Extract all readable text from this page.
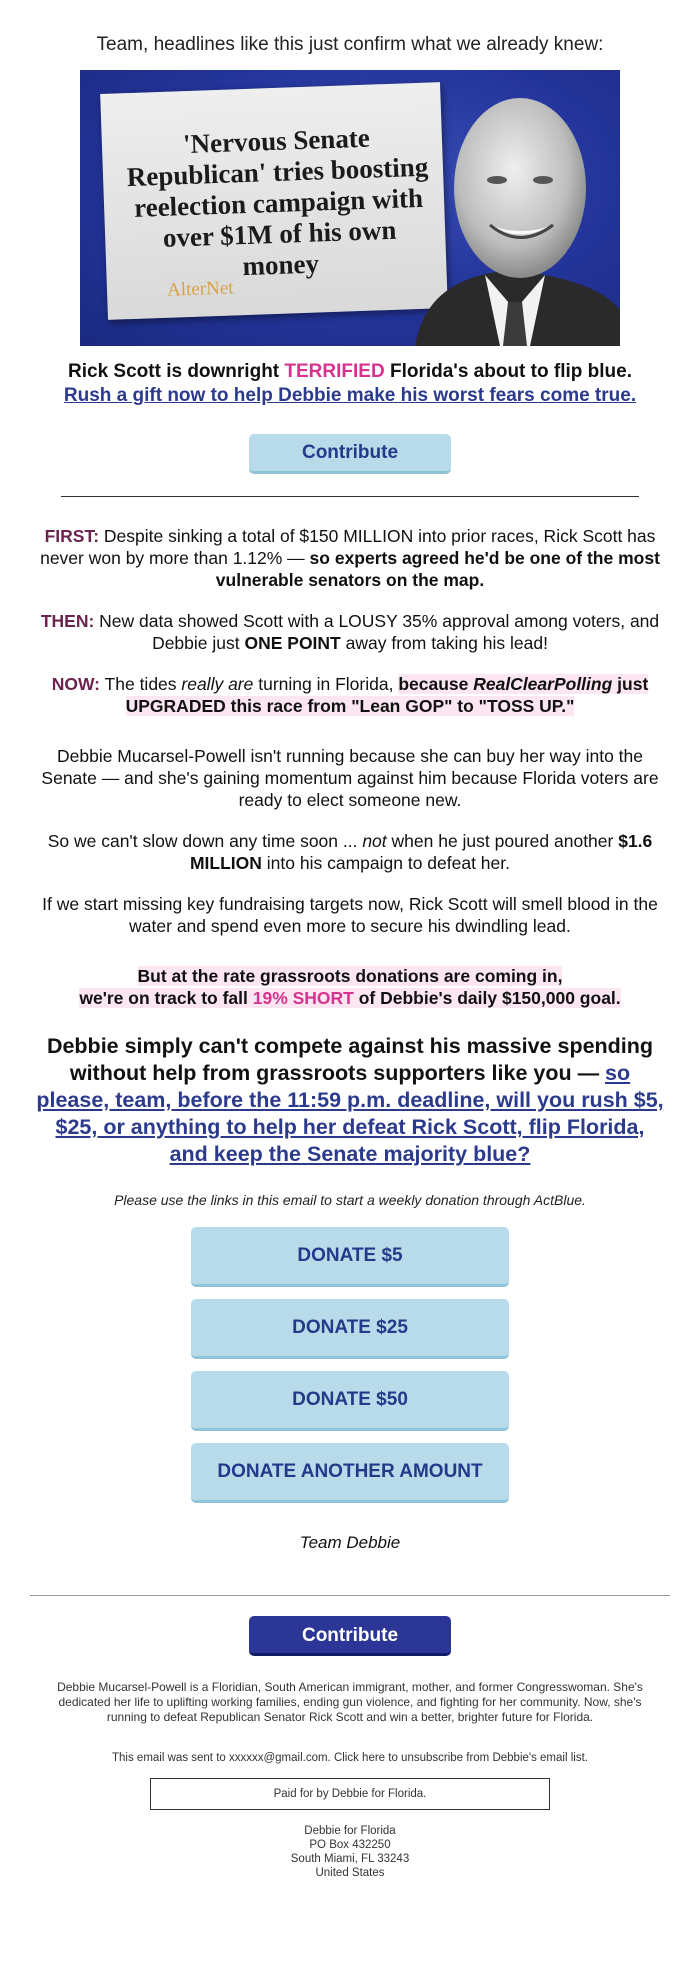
Team, headlines like this just confirm what we already knew:
'Nervous Senate Republican' tries boosting reelection campaign with over $1M of his own money
AlterNet
Rick Scott is downright TERRIFIED Florida's about to flip blue.
Rush a gift now to help Debbie make his worst fears come true.
Contribute
FIRST: Despite sinking a total of $150 MILLION into prior races, Rick Scott has never won by more than 1.12% — so experts agreed he'd be one of the most vulnerable senators on the map.
THEN: New data showed Scott with a LOUSY 35% approval among voters, and Debbie just ONE POINT away from taking his lead!
NOW: The tides really are turning in Florida, because RealClearPolling just UPGRADED this race from "Lean GOP" to "TOSS UP."
Debbie Mucarsel-Powell isn't running because she can buy her way into the Senate — and she's gaining momentum against him because Florida voters are ready to elect someone new.
So we can't slow down any time soon ... not when he just poured another $1.6 MILLION into his campaign to defeat her.
If we start missing key fundraising targets now, Rick Scott will smell blood in the water and spend even more to secure his dwindling lead.
But at the rate grassroots donations are coming in,
we're on track to fall 19% SHORT of Debbie's daily $150,000 goal.
Debbie simply can't compete against his massive spending without help from grassroots supporters like you — so please, team, before the 11:59 p.m. deadline, will you rush $5, $25, or anything to help her defeat Rick Scott, flip Florida, and keep the Senate majority blue?
Please use the links in this email to start a weekly donation through ActBlue.
DONATE $5
DONATE $25
DONATE $50
DONATE ANOTHER AMOUNT
Team Debbie
Contribute
Debbie Mucarsel-Powell is a Floridian, South American immigrant, mother, and former Congresswoman. She's dedicated her life to uplifting working families, ending gun violence, and fighting for her community. Now, she's running to defeat Republican Senator Rick Scott and win a better, brighter future for Florida.
This email was sent to xxxxxx@gmail.com. Click here to unsubscribe from Debbie's email list.
Paid for by Debbie for Florida.
Debbie for Florida
PO Box 432250
South Miami, FL 33243
United States
